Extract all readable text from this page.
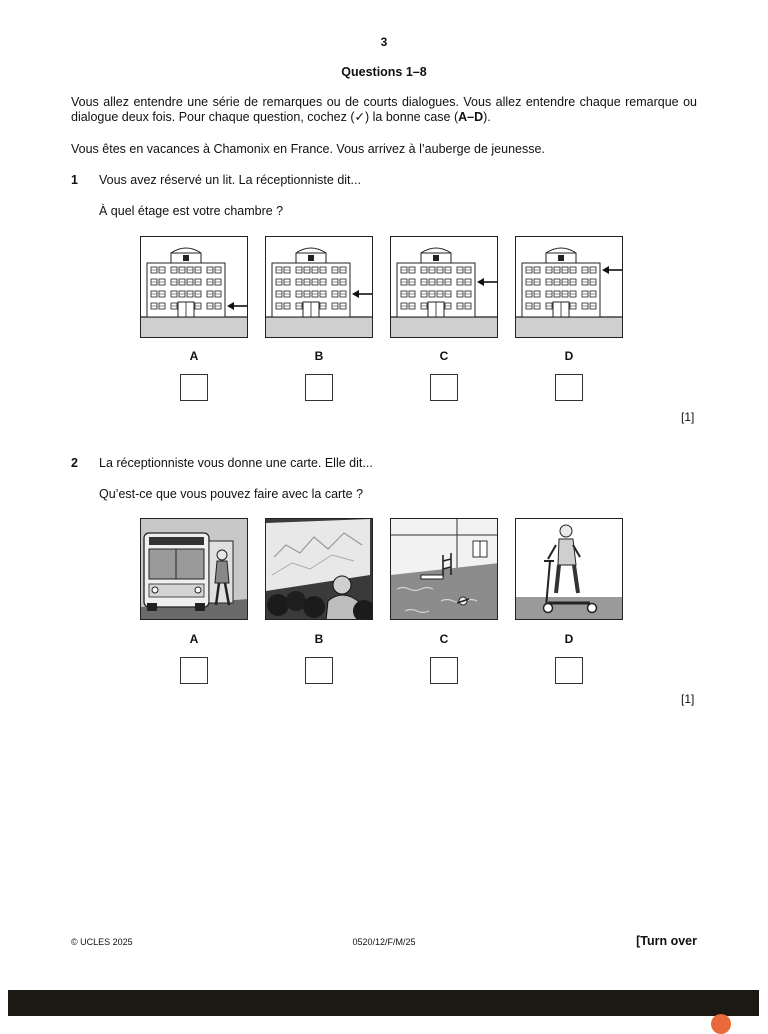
3
Questions 1–8
Vous allez entendre une série de remarques ou de courts dialogues. Vous allez entendre chaque remarque ou dialogue deux fois. Pour chaque question, cochez (✓) la bonne case (A–D).
Vous êtes en vacances à Chamonix en France. Vous arrivez à l’auberge de jeunesse.
1 Vous avez réservé un lit. La réceptionniste dit...
À quel étage est votre chambre ?
A	B	C	D
[1]
2 La réceptionniste vous donne une carte. Elle dit...
Qu’est-ce que vous pouvez faire avec la carte ?
A	B	C	D
[1]
© UCLES 2025	0520/12/F/M/25	[Turn over
